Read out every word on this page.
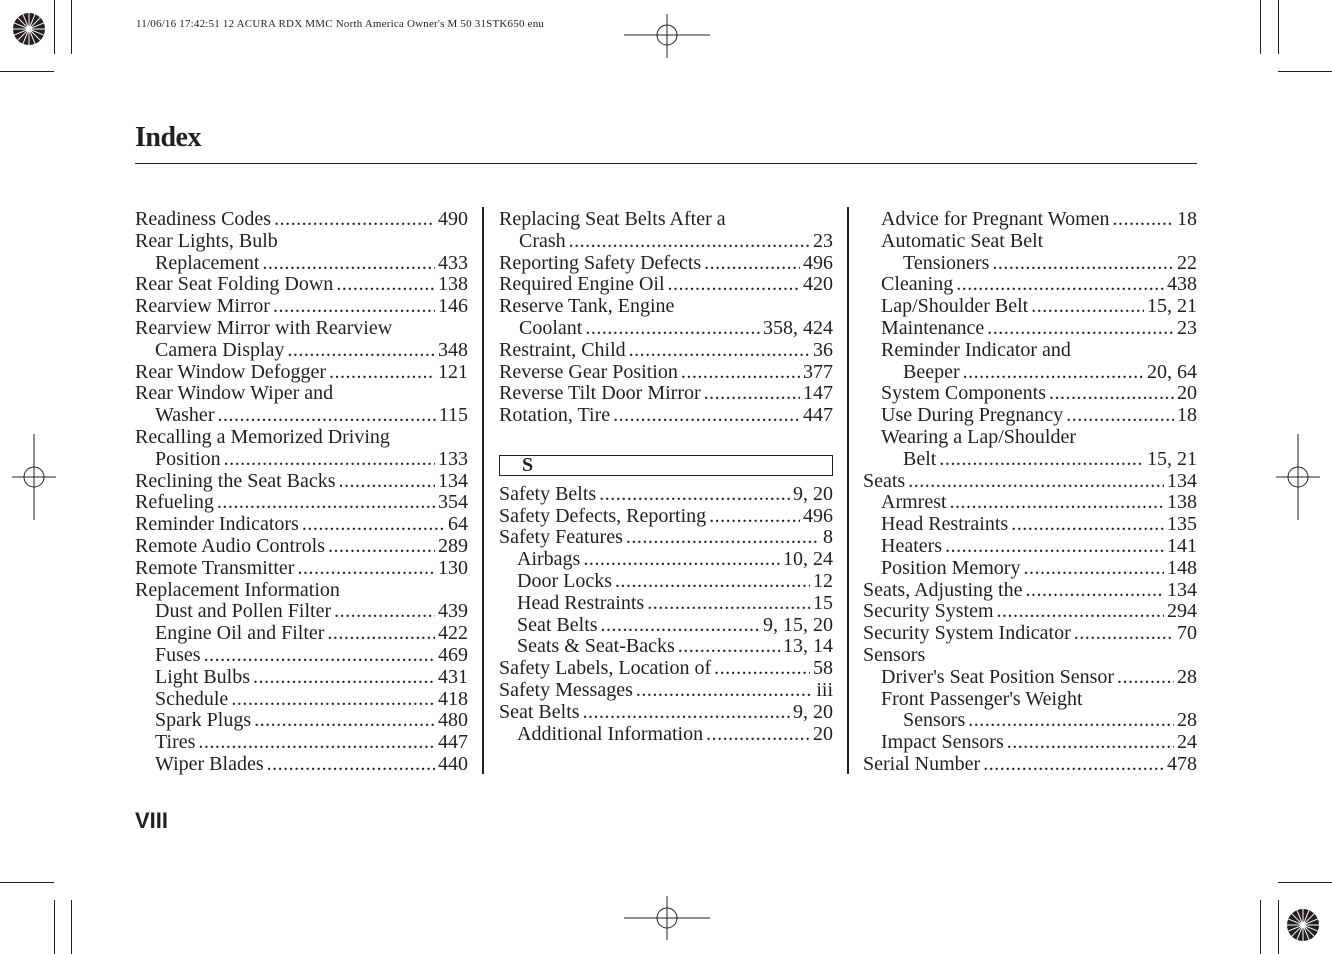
11/06/16 17:42:51 12 ACURA RDX MMC North America Owner's M 50 31STK650 enu
Index
Readiness Codes .....	490
Rear Lights, Bulb
Replacement .....	433
Rear Seat Folding Down .....	138
Rearview Mirror .....	146
Rearview Mirror with Rearview
Camera Display .....	348
Rear Window Defogger .....	121
Rear Window Wiper and
Washer .....	115
Recalling a Memorized Driving
Position .....	133
Reclining the Seat Backs .....	134
Refueling .....	354
Reminder Indicators .....	64
Remote Audio Controls .....	289
Remote Transmitter .....	130
Replacement Information
Dust and Pollen Filter .....	439
Engine Oil and Filter .....	422
Fuses .....	469
Light Bulbs .....	431
Schedule .....	418
Spark Plugs .....	480
Tires .....	447
Wiper Blades .....	440
Replacing Seat Belts After a
Crash .....	23
Reporting Safety Defects .....	496
Required Engine Oil .....	420
Reserve Tank, Engine
Coolant .....	358, 424
Restraint, Child .....	36
Reverse Gear Position .....	377
Reverse Tilt Door Mirror .....	147
Rotation, Tire .....	447
S
Safety Belts .....	9, 20
Safety Defects, Reporting .....	496
Safety Features .....	8
Airbags .....	10, 24
Door Locks .....	12
Head Restraints .....	15
Seat Belts .....	9, 15, 20
Seats & Seat-Backs .....	13, 14
Safety Labels, Location of .....	58
Safety Messages .....	iii
Seat Belts .....	9, 20
Additional Information .....	20
Advice for Pregnant Women .....	18
Automatic Seat Belt
Tensioners .....	22
Cleaning .....	438
Lap/Shoulder Belt .....	15, 21
Maintenance .....	23
Reminder Indicator and
Beeper .....	20, 64
System Components .....	20
Use During Pregnancy .....	18
Wearing a Lap/Shoulder
Belt .....	15, 21
Seats .....	134
Armrest .....	138
Head Restraints .....	135
Heaters .....	141
Position Memory .....	148
Seats, Adjusting the .....	134
Security System .....	294
Security System Indicator .....	70
Sensors
Driver's Seat Position Sensor .....	28
Front Passenger's Weight
Sensors .....	28
Impact Sensors .....	24
Serial Number .....	478
VIII
